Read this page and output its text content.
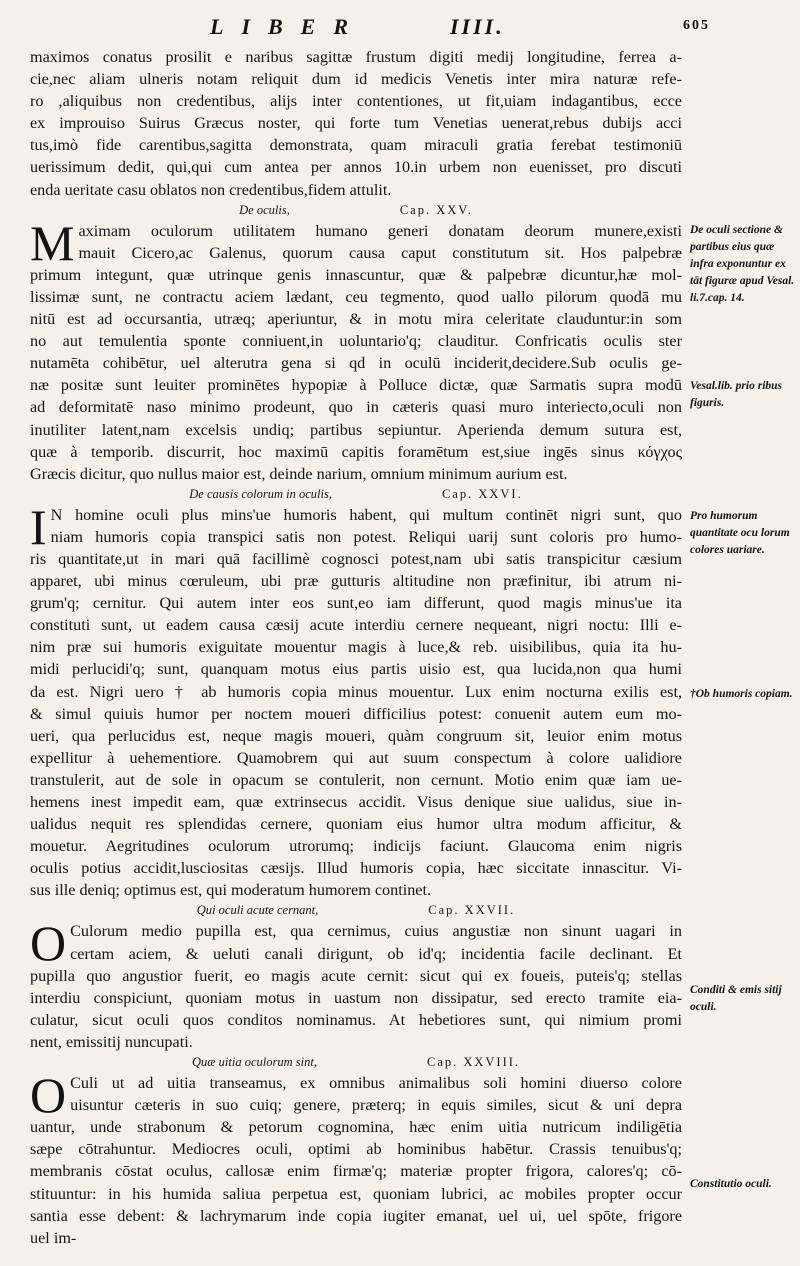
LIBER	IIII.	605
maximos conatus prosilit e naribus sagittæ frustum digiti medij longitudine, ferrea a-
cie,nec aliam ulneris notam reliquit dum id medicis Venetis inter mira naturæ refe-
ro ,aliquibus non credentibus, alijs inter contentiones, ut fit,uiam indagantibus, ecce
ex improuiso Suirus Græcus noster, qui forte tum Venetias uenerat,rebus dubijs acci
tus,imò fide carentibus,sagitta demonstrata, quam miraculi gratia ferebat testimoniū
uerissimum dedit, qui,qui cum antea per annos 10.in urbem non euenisset, pro discuti
enda ueritate casu oblatos non credentibus,fidem attulit.
De oculis,	Cap. XXV.
M aximam oculorum utilitatem humano generi donatam deorum munere,existi
mauit Cicero,ac Galenus, quorum causa caput constitutum sit. Hos palpebræ
primum integunt, quæ utrinque genis innascuntur, quæ & palpebræ dicuntur,hæ mol-
lissimæ sunt, ne contractu aciem lædant, ceu tegmento, quod uallo pilorum quodā mu
nitū est ad occursantia, utræq; aperiuntur, & in motu mira celeritate clauduntur:in som
no aut temulentia sponte conniuent,in uoluntario'q; clauditur. Confricatis oculis ster
nutamēta cohibētur, uel alterutra gena si qd in oculū inciderit,decidere.Sub oculis ge-
næ positæ sunt leuiter prominētes hypopiæ à Polluce dictæ, quæ Sarmatis supra modū
ad deformitatē naso minimo prodeunt, quo in cæteris quasi muro interiecto,oculi non
inutiliter latent,nam excelsis undiq; partibus sepiuntur. Aperienda demum sutura est,
quæ à temporib. discurrit, hoc maximū capitis foramētum est,siue ingēs sinus κόγχος
Græcis dicitur, quo nullus maior est, deinde narium, omnium minimum aurium est.
De causis colorum in oculis,	Cap. XXVI.
I N homine oculi plus mins'ue humoris habent, qui multum continēt nigri sunt, quo
niam humoris copia transpici satis non potest. Reliqui uarij sunt coloris pro humo-
ris quantitate,ut in mari quā facillimè cognosci potest,nam ubi satis transpicitur cæsium
apparet, ubi minus cœruleum, ubi præ gutturis altitudine non præfinitur, ibi atrum ni-
grum'q; cernitur. Qui autem inter eos sunt,eo iam differunt, quod magis minus'ue ita
constituti sunt, ut eadem causa cæsij acute interdiu cernere nequeant, nigri noctu: Illi e-
nim præ sui humoris exiguitate mouentur magis à luce,& reb. uisibilibus, quia ita hu-
midi perlucidi'q; sunt, quanquam motus eius partis uisio est, qua lucida,non qua humi
da est. Nigri uero † ab humoris copia minus mouentur. Lux enim nocturna exilis est,
& simul quiuis humor per noctem moueri difficilius potest: conuenit autem eum mo-
ueri, qua perlucidus est, neque magis moueri, quàm congruum sit, leuior enim motus
expellitur à uehementiore. Quamobrem qui aut suum conspectum à colore ualidiore
transtulerit, aut de sole in opacum se contulerit, non cernunt. Motio enim quæ iam ue-
hemens inest impedit eam, quæ extrinsecus accidit. Visus denique siue ualidus, siue in-
ualidus nequit res splendidas cernere, quoniam eius humor ultra modum afficitur, &
mouetur. Aegritudines oculorum utrorumq; indicijs faciunt. Glaucoma enim nigris
oculis potius accidit,lusciositas cæsijs. Illud humoris copia, hæc siccitate innascitur. Vi-
sus ille deniq; optimus est, qui moderatum humorem continet.
Qui oculi acute cernant,	Cap. XXVII.
O Culorum medio pupilla est, qua cernimus, cuius angustiæ non sinunt uagari in
certam aciem, & ueluti canali dirigunt, ob id'q; incidentia facile declinant. Et
pupilla quo angustior fuerit, eo magis acute cernit: sicut qui ex foueis, puteis'q; stellas
interdiu conspiciunt, quoniam motus in uastum non dissipatur, sed erecto tramite eia-
culatur, sicut oculi quos conditos nominamus. At hebetiores sunt, qui nimium promi
nent, emissitij nuncupati.
Quæ uitia oculorum sint,	Cap. XXVIII.
O Culi ut ad uitia transeamus, ex omnibus animalibus soli homini diuerso colore
uisuntur cæteris in suo cuiq; genere, præterq; in equis similes, sicut & uni depra
uantur, unde strabonum & petorum cognomina, hæc enim uitia nutricum indiligētia
sæpe cōtrahuntur. Mediocres oculi, optimi ab hominibus habētur. Crassis tenuibus'q;
membranis cōstat oculus, callosæ enim firmæ'q; materiæ propter frigora, calores'q; cō-
stituuntur: in his humida saliua perpetua est, quoniam lubrici, ac mobiles propter occur
santia esse debent: & lachrymarum inde copia iugiter emanat, uel ui, uel spōte, frigore
uel im-
De oculi sectione & partibus eius quæ infra exponuntur ex tāt figuræ apud Vesal. li.7.cap. 14.
Vesal.lib. prio ribus figuris.
Pro humorum quantitate ocu lorum colores uariare.
†Ob humoris copiam.
Conditi & emis sitij oculi.
Constitutio oculi.
